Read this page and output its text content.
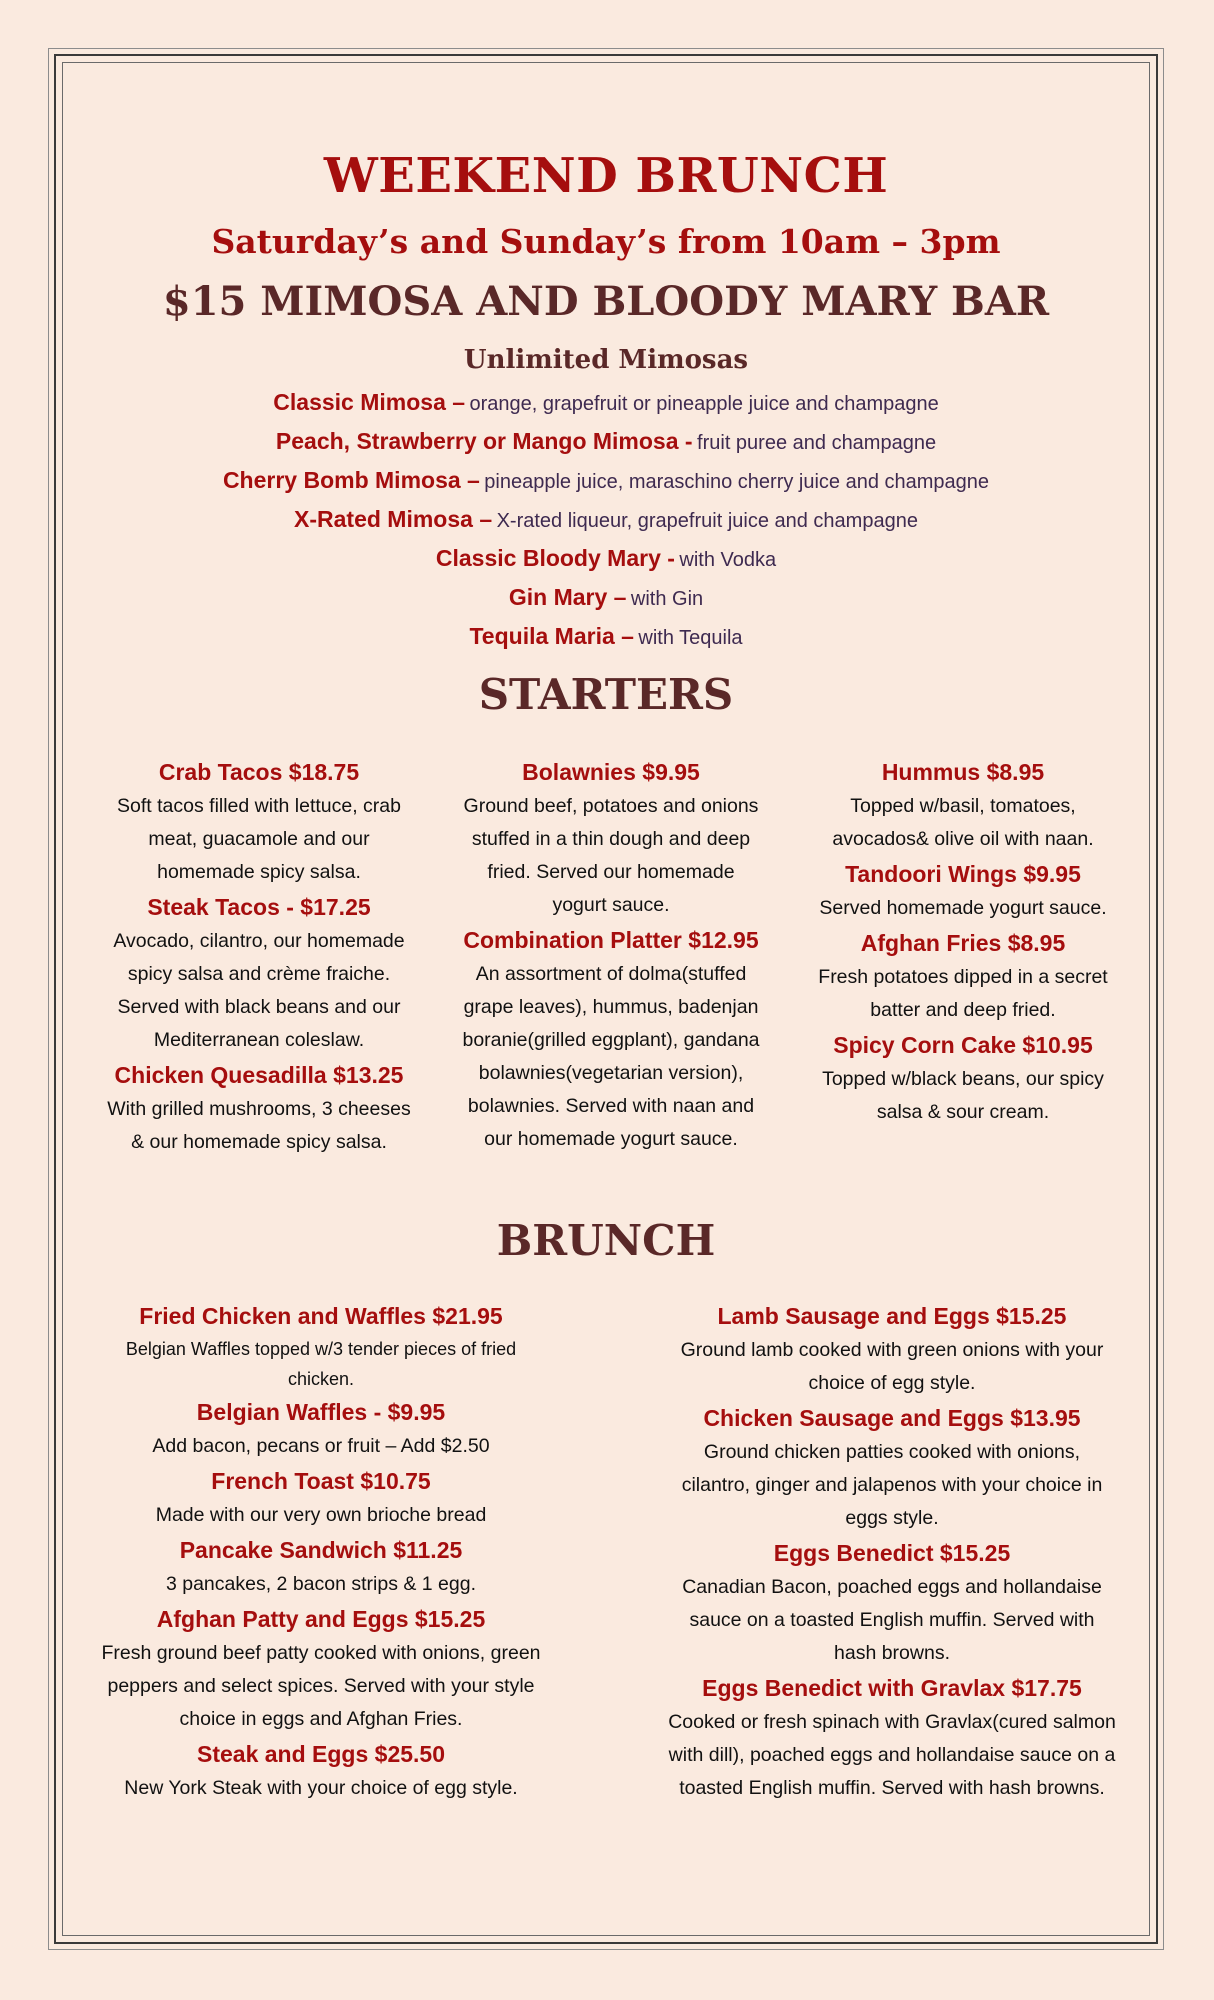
WEEKEND BRUNCH
Saturday’s and Sunday’s from 10am – 3pm
$15 MIMOSA AND BLOODY MARY BAR
Unlimited Mimosas
Classic Mimosa – orange, grapefruit or pineapple juice and champagne
Peach, Strawberry or Mango Mimosa - fruit puree and champagne
Cherry Bomb Mimosa – pineapple juice, maraschino cherry juice and champagne
X-Rated Mimosa – X-rated liqueur, grapefruit juice and champagne
Classic Bloody Mary - with Vodka
Gin Mary – with Gin
Tequila Maria – with Tequila
STARTERS
Crab Tacos $18.75
Soft tacos filled with lettuce, crab
meat, guacamole and our
homemade spicy salsa.
Steak Tacos - $17.25
Avocado, cilantro, our homemade
spicy salsa and crème fraiche.
Served with black beans and our
Mediterranean coleslaw.
Chicken Quesadilla $13.25
With grilled mushrooms, 3 cheeses
& our homemade spicy salsa.
Bolawnies $9.95
Ground beef, potatoes and onions
stuffed in a thin dough and deep
fried. Served our homemade
yogurt sauce.
Combination Platter $12.95
An assortment of dolma(stuffed
grape leaves), hummus, badenjan
boranie(grilled eggplant), gandana
bolawnies(vegetarian version),
bolawnies. Served with naan and
our homemade yogurt sauce.
Hummus $8.95
Topped w/basil, tomatoes,
avocados& olive oil with naan.
Tandoori Wings $9.95
Served homemade yogurt sauce.
Afghan Fries $8.95
Fresh potatoes dipped in a secret
batter and deep fried.
Spicy Corn Cake $10.95
Topped w/black beans, our spicy
salsa & sour cream.
BRUNCH
Fried Chicken and Waffles $21.95
Belgian Waffles topped w/3 tender pieces of fried
chicken.
Belgian Waffles - $9.95
Add bacon, pecans or fruit – Add $2.50
French Toast $10.75
Made with our very own brioche bread
Pancake Sandwich $11.25
3 pancakes, 2 bacon strips & 1 egg.
Afghan Patty and Eggs $15.25
Fresh ground beef patty cooked with onions, green
peppers and select spices. Served with your style
choice in eggs and Afghan Fries.
Steak and Eggs $25.50
New York Steak with your choice of egg style.
Lamb Sausage and Eggs $15.25
Ground lamb cooked with green onions with your
choice of egg style.
Chicken Sausage and Eggs $13.95
Ground chicken patties cooked with onions,
cilantro, ginger and jalapenos with your choice in
eggs style.
Eggs Benedict $15.25
Canadian Bacon, poached eggs and hollandaise
sauce on a toasted English muffin. Served with
hash browns.
Eggs Benedict with Gravlax $17.75
Cooked or fresh spinach with Gravlax(cured salmon
with dill), poached eggs and hollandaise sauce on a
toasted English muffin. Served with hash browns.
